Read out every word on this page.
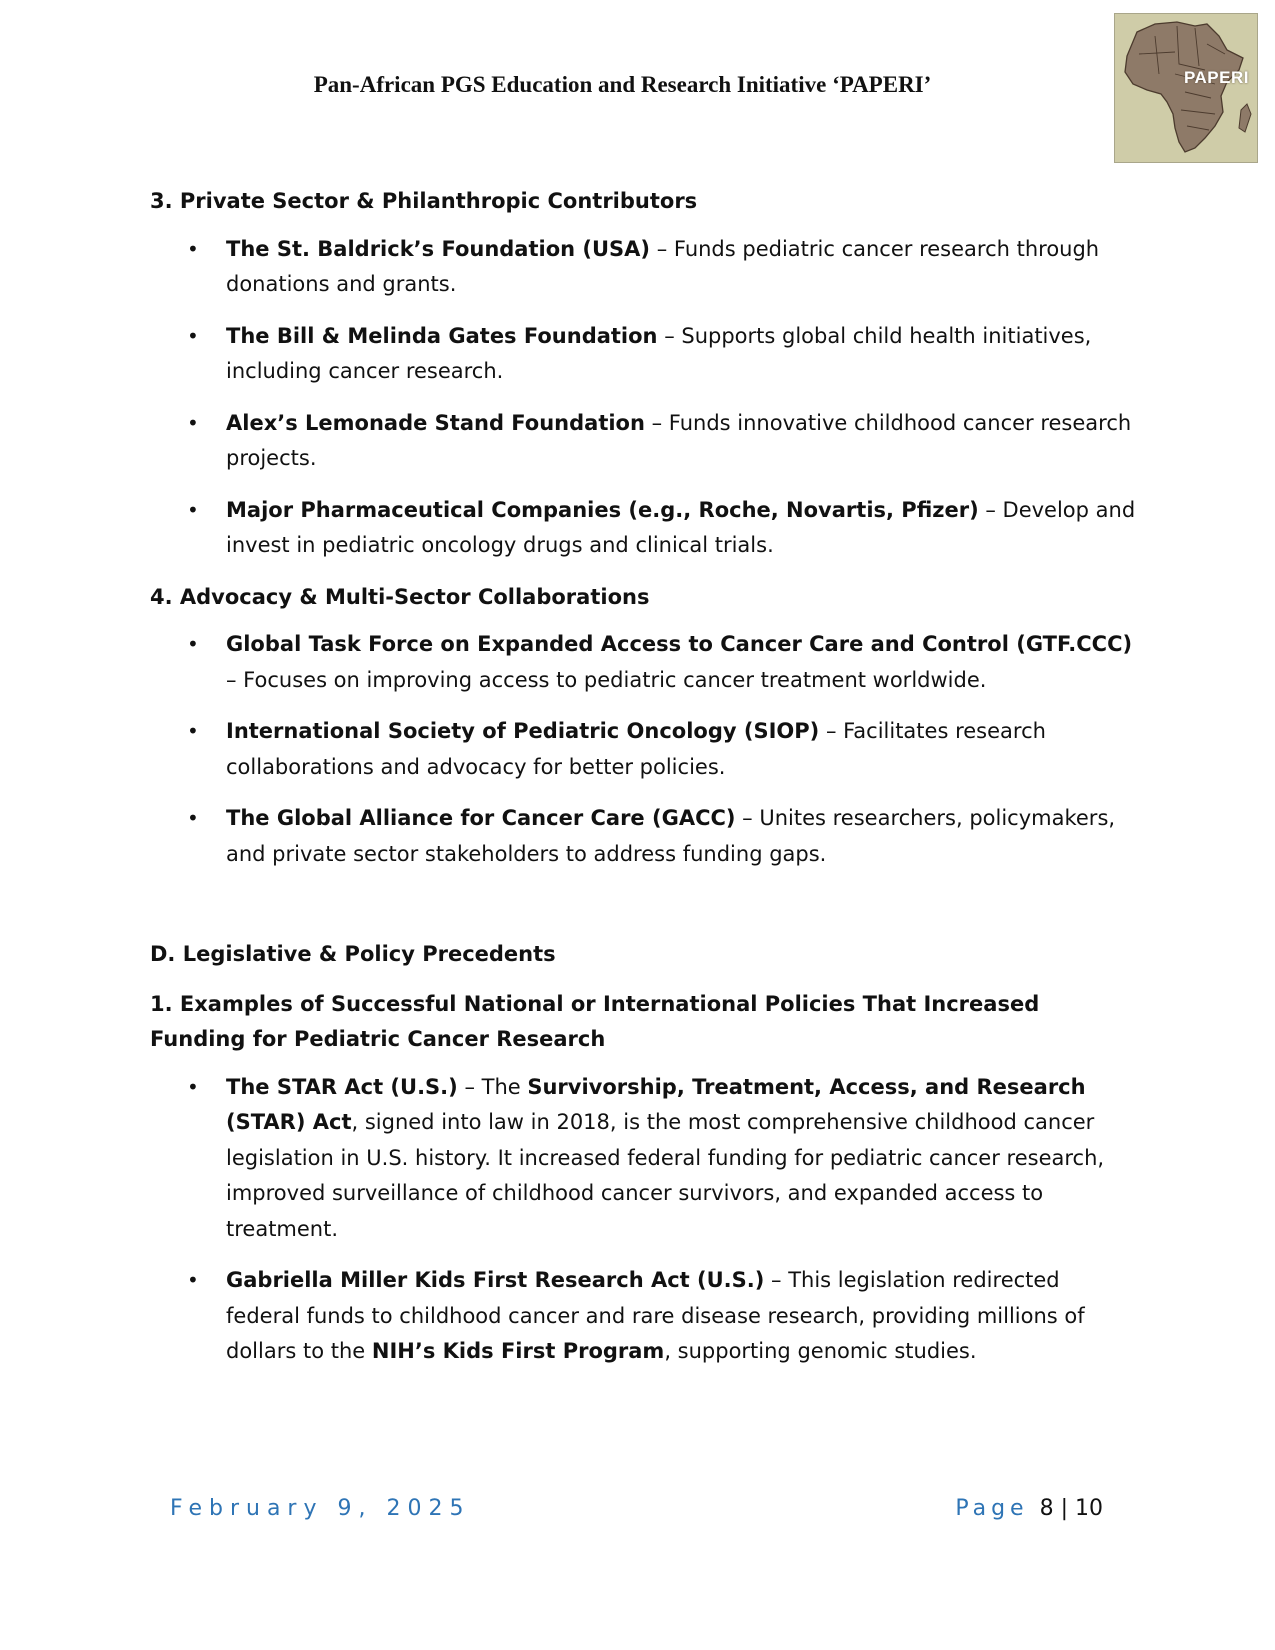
Pan-African PGS Education and Research Initiative ‘PAPERI’	PAPERI

3. Private Sector & Philanthropic Contributors

• The St. Baldrick’s Foundation (USA) – Funds pediatric cancer research through donations and grants.
• The Bill & Melinda Gates Foundation – Supports global child health initiatives, including cancer research.
• Alex’s Lemonade Stand Foundation – Funds innovative childhood cancer research projects.
• Major Pharmaceutical Companies (e.g., Roche, Novartis, Pfizer) – Develop and invest in pediatric oncology drugs and clinical trials.

4. Advocacy & Multi-Sector Collaborations

• Global Task Force on Expanded Access to Cancer Care and Control (GTF.CCC) – Focuses on improving access to pediatric cancer treatment worldwide.
• International Society of Pediatric Oncology (SIOP) – Facilitates research collaborations and advocacy for better policies.
• The Global Alliance for Cancer Care (GACC) – Unites researchers, policymakers, and private sector stakeholders to address funding gaps.

D. Legislative & Policy Precedents

1. Examples of Successful National or International Policies That Increased Funding for Pediatric Cancer Research

• The STAR Act (U.S.) – The Survivorship, Treatment, Access, and Research (STAR) Act, signed into law in 2018, is the most comprehensive childhood cancer legislation in U.S. history. It increased federal funding for pediatric cancer research, improved surveillance of childhood cancer survivors, and expanded access to treatment.
• Gabriella Miller Kids First Research Act (U.S.) – This legislation redirected federal funds to childhood cancer and rare disease research, providing millions of dollars to the NIH’s Kids First Program, supporting genomic studies.
February 9, 2025	Page 8 | 10
